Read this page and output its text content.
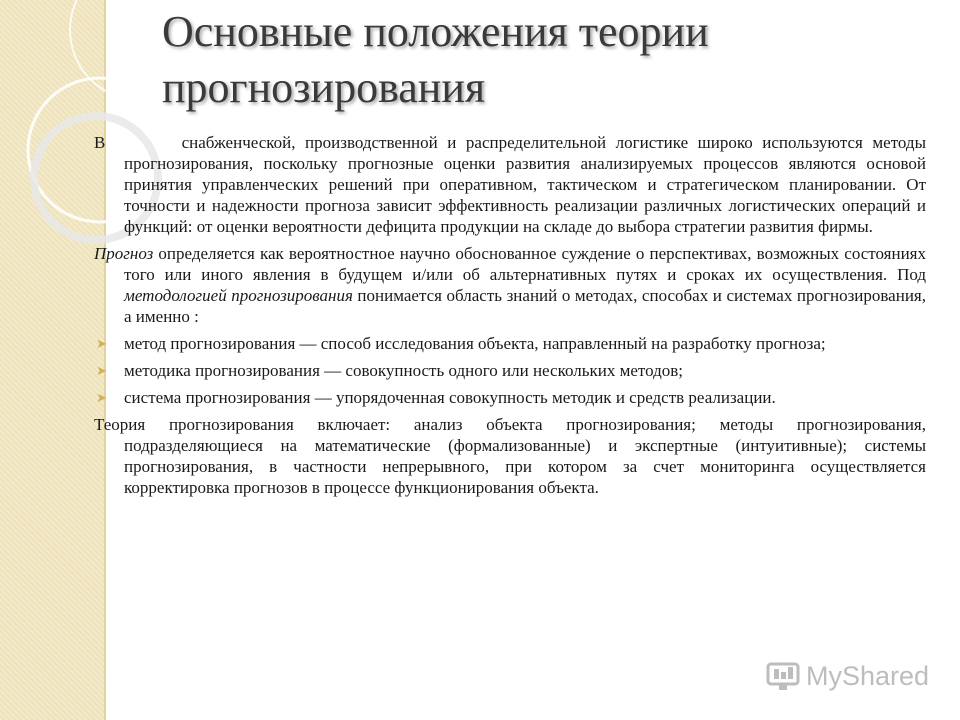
Основные положения теории
прогнозирования

В	снабженческой, производственной и распределительной логистике широко используются методы прогнозирования, поскольку прогнозные оценки развития анализируемых процессов являются основой принятия управленческих решений при оперативном, тактическом и стратегическом планировании. От точности и надежности прогноза зависит эффективность реализации различных логистических операций и функций: от оценки вероятности дефицита продукции на складе до выбора стратегии развития фирмы.

Прогноз определяется как вероятностное научно обоснованное суждение о перспективах, возможных состояниях того или иного явления в будущем и/или об альтернативных путях и сроках их осуществления. Под методологией прогнозирования понимается область знаний о методах, способах и системах прогнозирования, а именно :

➤ метод прогнозирования — способ исследования объекта, направленный на разработку прогноза;

➤ методика прогнозирования — совокупность одного или нескольких методов;

➤ система прогнозирования — упорядоченная совокупность методик и средств реализации.

Теория прогнозирования включает: анализ объекта прогнозирования; методы прогнозирования, подразделяющиеся на математические (формализованные) и экспертные (интуитивные); системы прогнозирования, в частности непрерывного, при котором за счет мониторинга осуществляется корректировка прогнозов в процессе функционирования объекта.

MyShared
